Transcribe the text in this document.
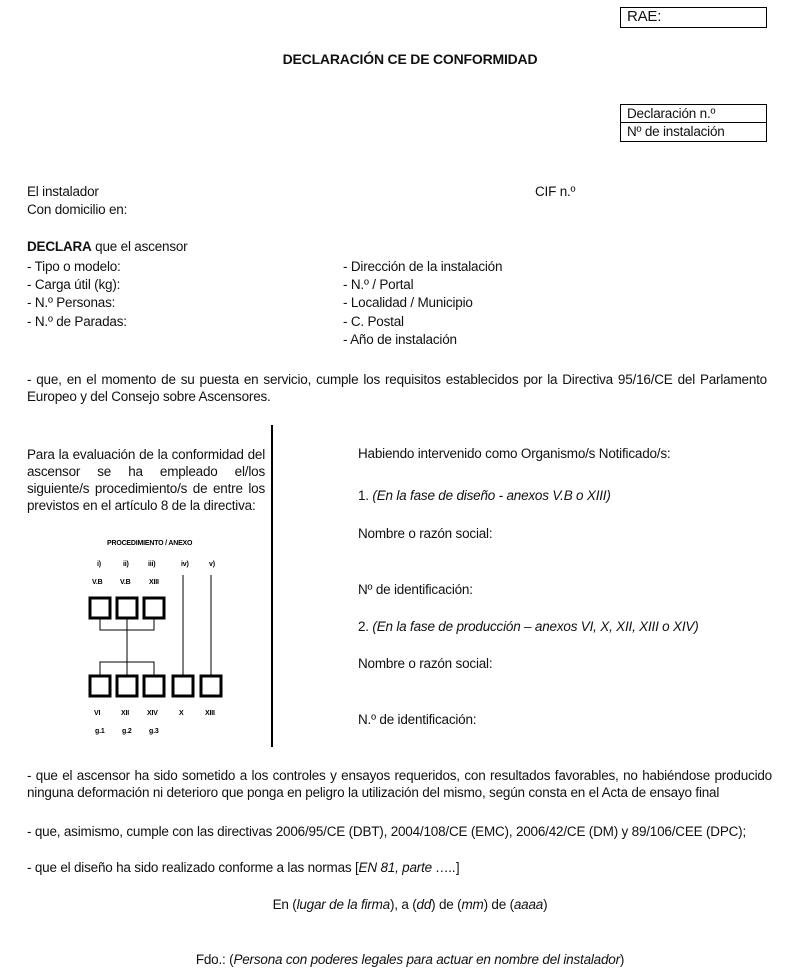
RAE:
DECLARACIÓN CE DE CONFORMIDAD
Declaración n.º
Nº de instalación
El instalador
Con domicilio en:
CIF n.º
DECLARA que el ascensor
- Tipo o modelo:
- Carga útil (kg):
- N.º Personas:
- N.º de Paradas:
- Dirección de la instalación
- N.º / Portal
- Localidad / Municipio
- C. Postal
- Año de instalación
- que, en el momento de su puesta en servicio, cumple los requisitos establecidos por la Directiva 95/16/CE del Parlamento Europeo y del Consejo sobre Ascensores.
Para la evaluación de la conformidad del ascensor se ha empleado el/los siguiente/s procedimiento/s de entre los previstos en el artículo 8 de la directiva:
PROCEDIMIENTO / ANEXO
i)	ii)	iii)	iv)	v)
V.B	V.B	XIII
VI	XII	XIV	X	XIII
g.1 g.2 g.3
Habiendo intervenido como Organismo/s Notificado/s:
1. (En la fase de diseño - anexos V.B o XIII)
Nombre o razón social:
Nº de identificación:
2. (En la fase de producción – anexos VI, X, XII, XIII o XIV)
Nombre o razón social:
N.º de identificación:
- que el ascensor ha sido sometido a los controles y ensayos requeridos, con resultados favorables, no habiéndose producido ninguna deformación ni deterioro que ponga en peligro la utilización del mismo, según consta en el Acta de ensayo final
- que, asimismo, cumple con las directivas 2006/95/CE (DBT), 2004/108/CE (EMC), 2006/42/CE (DM) y 89/106/CEE (DPC);
- que el diseño ha sido realizado conforme a las normas [EN 81, parte …..]
En (lugar de la firma), a (dd) de (mm) de (aaaa)
Fdo.: (Persona con poderes legales para actuar en nombre del instalador)
